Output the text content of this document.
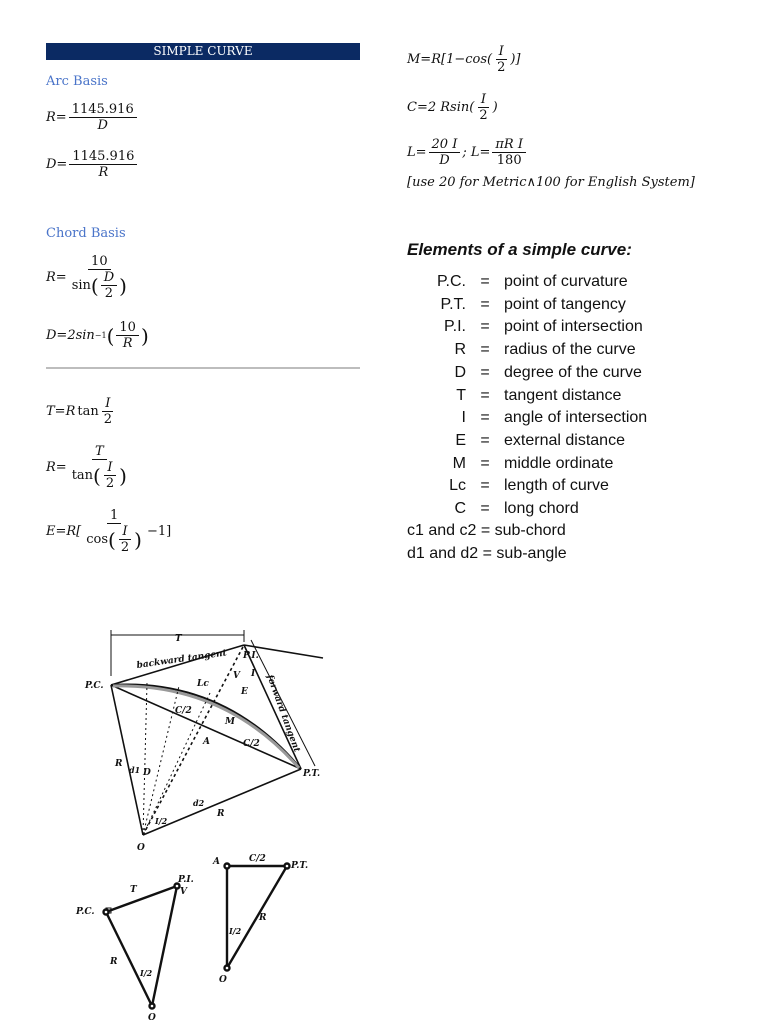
SIMPLE CURVE
Arc Basis
$R= \frac{1145.916}{D}$
$D= \frac{1145.916}{R}$
Chord Basis
$R= \frac{10}{\sin ( \frac{D}{2} )}$
D=2sin −1 ( $\frac{10}{R}$ )
T=R $\tan \frac{I}{2}$
$R= \frac{T}{\tan ( \frac{I}{2} )}$
$E=R[ \frac{1}{\cos ( \frac{I}{2} )} -1]$
$M=R[1-\cos( \frac{I}{2}$ )]
C=2 $Rsin( \frac{I}{2}$ )
$L= \frac{20 I}{D}$ ; $L= \frac{\text{πR I}}{180}$
[use 20 for Metric∧100 for English System]
Elements of a simple curve:
P.C. = point of curvature
P.T. = point of tangency
P.I. = point of intersection
R = radius of the curve
D = degree of the curve
T = tangent distance
I = angle of intersection
E = external distance
M = middle ordinate
Lc = length of curve
C = long chord
c1 and c2 = sub-chord
d1 and d2 = sub-angle
T
backward tangent
P.C.
P.I.
P.T.
O
Lc
C/2
C/2
V I
E
M
A
R
R
D
d1
d2
I/2
forward tangent
P.C.
P.I.
V
T
R
I/2
O
A	C/2
P.T.
R
I/2
O
